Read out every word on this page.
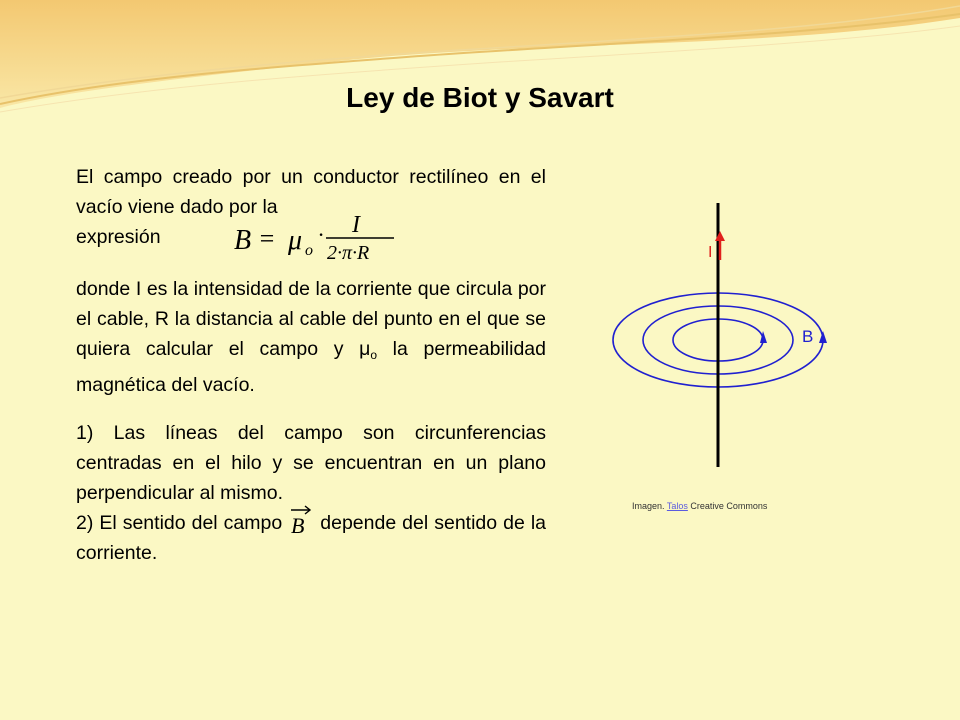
Ley de Biot y Savart

El campo creado por un conductor rectilíneo en el vacío viene dado por la

expresión	B = μ o
· I
2·π·R

donde I es la intensidad de la corriente que circula por el cable, R la distancia al cable del punto en el que se quiera calcular el campo y $\mu_o$ la permeabilidad magnética del vacío.

1) Las líneas del campo son circunferencias centradas en el hilo y se encuentran en un plano perpendicular al mismo.

2) El sentido del campo B depende del sentido de la corriente.

I
B
Imagen. Talos Creative Commons
